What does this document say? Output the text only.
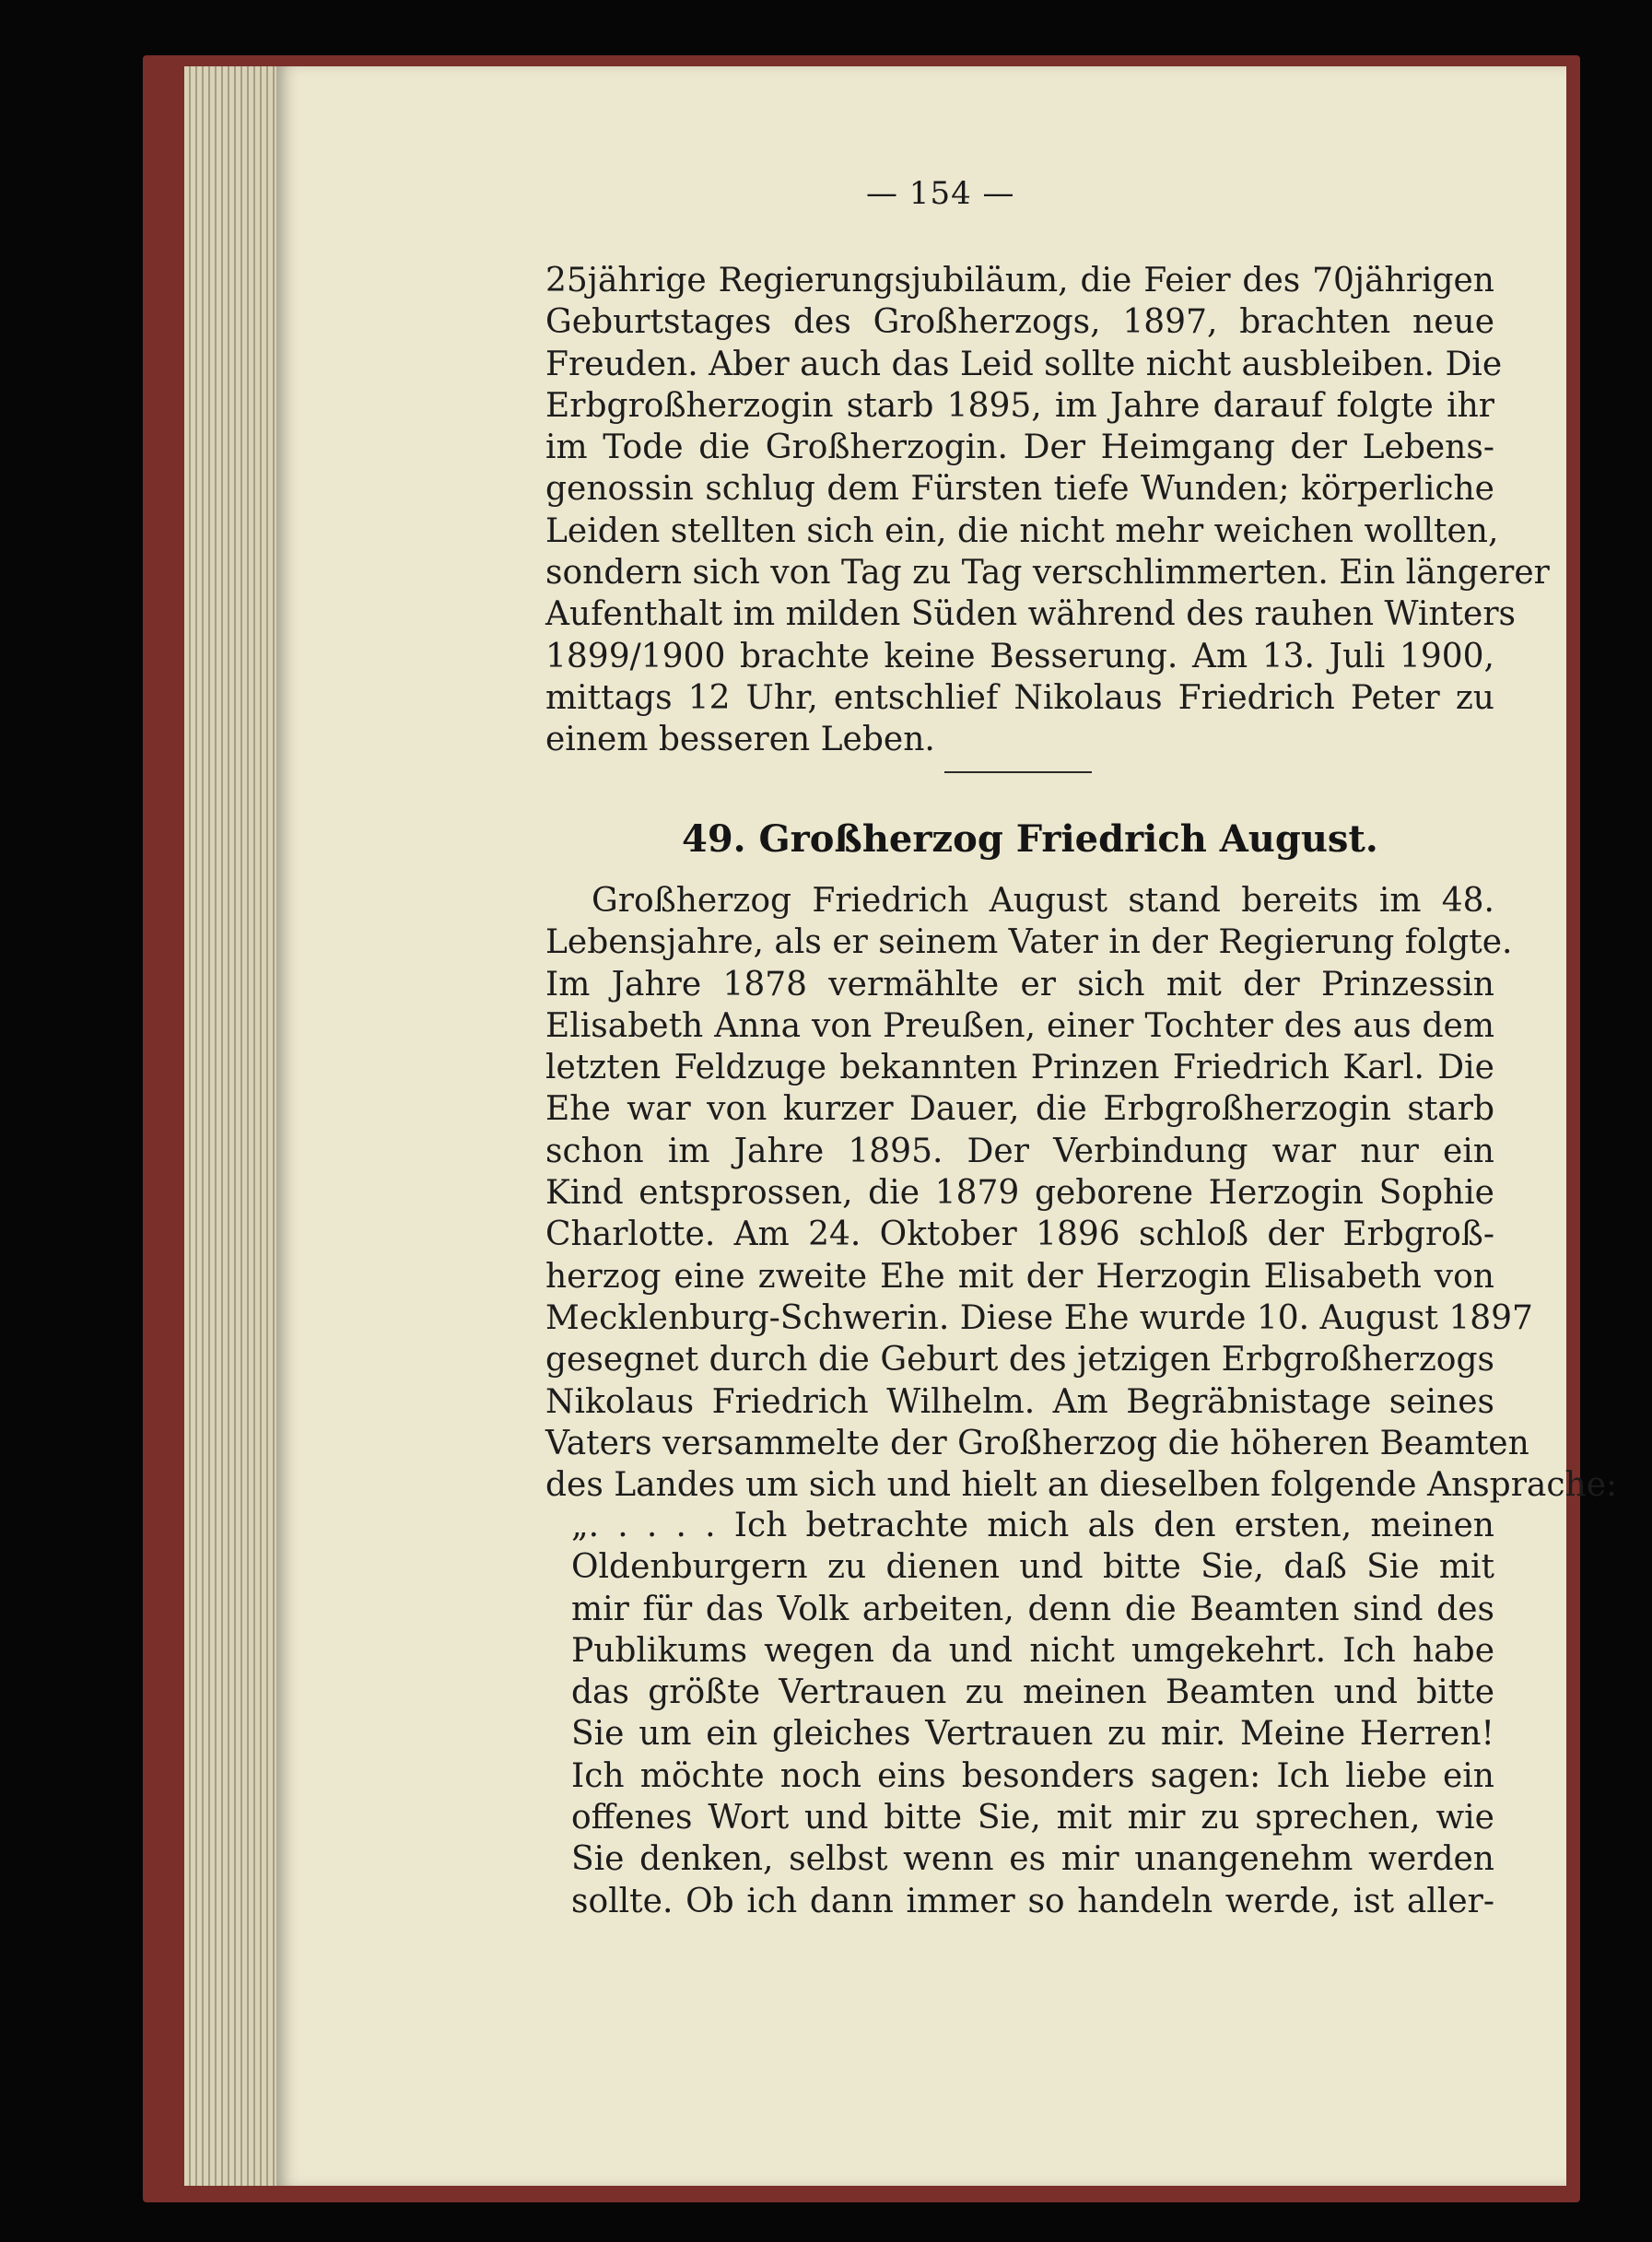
— 154 —
25jährige Regierungsjubiläum, die Feier des 70jährigen
Geburtstages des Großherzogs, 1897, brachten neue
Freuden. Aber auch das Leid sollte nicht ausbleiben. Die
Erbgroßherzogin starb 1895, im Jahre darauf folgte ihr
im Tode die Großherzogin. Der Heimgang der Lebens-
genossin schlug dem Fürsten tiefe Wunden; körperliche
Leiden stellten sich ein, die nicht mehr weichen wollten,
sondern sich von Tag zu Tag verschlimmerten. Ein längerer
Aufenthalt im milden Süden während des rauhen Winters
1899/1900 brachte keine Besserung. Am 13. Juli 1900,
mittags 12 Uhr, entschlief Nikolaus Friedrich Peter zu
einem besseren Leben.
49. Großherzog Friedrich August.
Großherzog Friedrich August stand bereits im 48.
Lebensjahre, als er seinem Vater in der Regierung folgte.
Im Jahre 1878 vermählte er sich mit der Prinzessin
Elisabeth Anna von Preußen, einer Tochter des aus dem
letzten Feldzuge bekannten Prinzen Friedrich Karl. Die
Ehe war von kurzer Dauer, die Erbgroßherzogin starb
schon im Jahre 1895. Der Verbindung war nur ein
Kind entsprossen, die 1879 geborene Herzogin Sophie
Charlotte. Am 24. Oktober 1896 schloß der Erbgroß-
herzog eine zweite Ehe mit der Herzogin Elisabeth von
Mecklenburg-Schwerin. Diese Ehe wurde 10. August 1897
gesegnet durch die Geburt des jetzigen Erbgroßherzogs
Nikolaus Friedrich Wilhelm. Am Begräbnistage seines
Vaters versammelte der Großherzog die höheren Beamten
des Landes um sich und hielt an dieselben folgende Ansprache:
„. . . . . Ich betrachte mich als den ersten, meinen
Oldenburgern zu dienen und bitte Sie, daß Sie mit
mir für das Volk arbeiten, denn die Beamten sind des
Publikums wegen da und nicht umgekehrt. Ich habe
das größte Vertrauen zu meinen Beamten und bitte
Sie um ein gleiches Vertrauen zu mir. Meine Herren!
Ich möchte noch eins besonders sagen: Ich liebe ein
offenes Wort und bitte Sie, mit mir zu sprechen, wie
Sie denken, selbst wenn es mir unangenehm werden
sollte. Ob ich dann immer so handeln werde, ist aller-
